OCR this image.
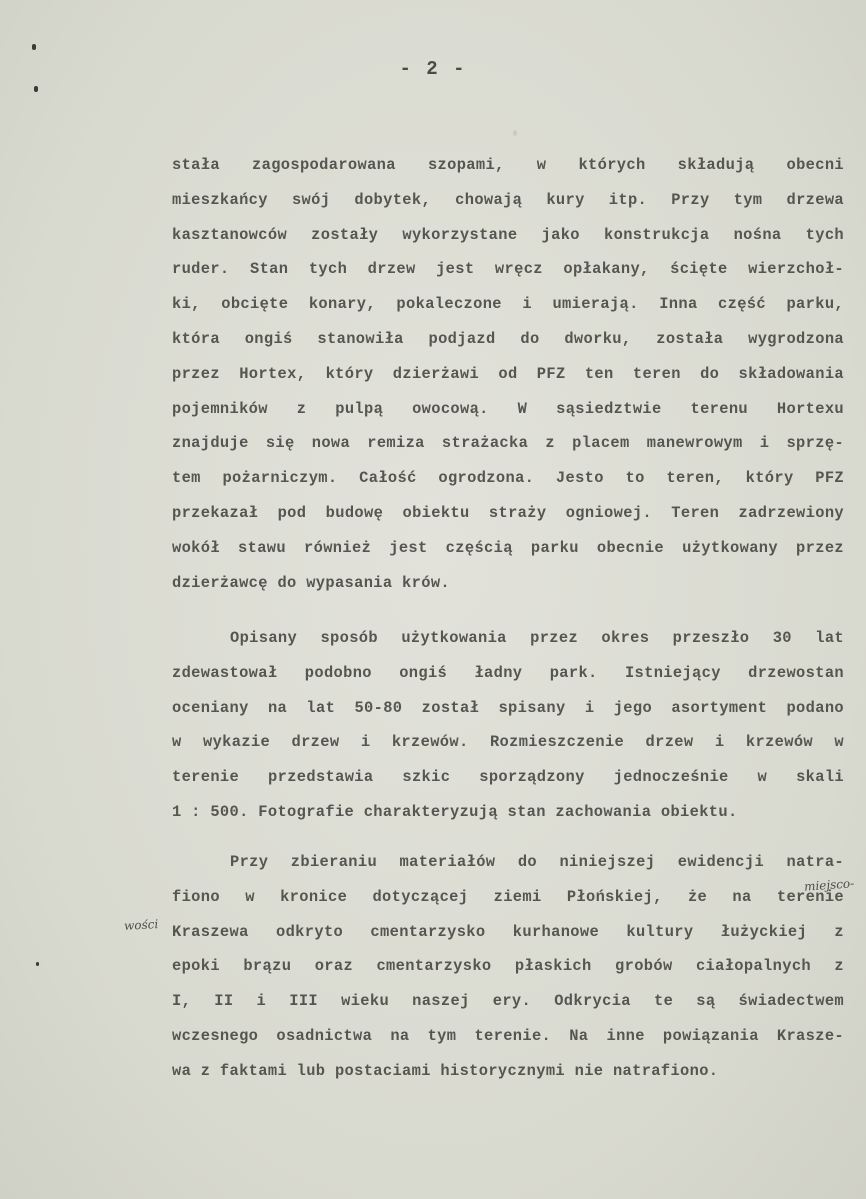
- 2 -
stała zagospodarowana szopami, w których składują obecni
mieszkańcy swój dobytek, chowają kury itp. Przy tym drzewa
kasztanowców zostały wykorzystane jako konstrukcja nośna tych
ruder. Stan tych drzew jest wręcz opłakany, ścięte wierzchoł-
ki, obcięte konary, pokaleczone i umierają. Inna część parku,
która ongiś stanowiła podjazd do dworku, została wygrodzona
przez Hortex, który dzierżawi od PFZ ten teren do składowania
pojemników z pulpą owocową. W sąsiedztwie terenu Hortexu
znajduje się nowa remiza strażacka z placem manewrowym i sprzę-
tem pożarniczym. Całość ogrodzona. Jesto to teren, który PFZ
przekazał pod budowę obiektu straży ogniowej. Teren zadrzewiony
wokół stawu również jest częścią parku obecnie użytkowany przez
dzierżawcę do wypasania krów.
Opisany sposób użytkowania przez okres przeszło 30 lat
zdewastował podobno ongiś ładny park. Istniejący drzewostan
oceniany na lat 50-80 został spisany i jego asortyment podano
w wykazie drzew i krzewów. Rozmieszczenie drzew i krzewów w
terenie przedstawia szkic sporządzony jednocześnie w skali
1 : 500. Fotografie charakteryzują stan zachowania obiektu.
Przy zbieraniu materiałów do niniejszej ewidencji natra-
fiono w kronice dotyczącej ziemi Płońskiej, że na terenie
Kraszewa odkryto cmentarzysko kurhanowe kultury łużyckiej z
epoki brązu oraz cmentarzysko płaskich grobów ciałopalnych z
I, II i III wieku naszej ery. Odkrycia te są świadectwem
wczesnego osadnictwa na tym terenie. Na inne powiązania Krasze-
wa z faktami lub postaciami historycznymi nie natrafiono.
miejsco-
wości
